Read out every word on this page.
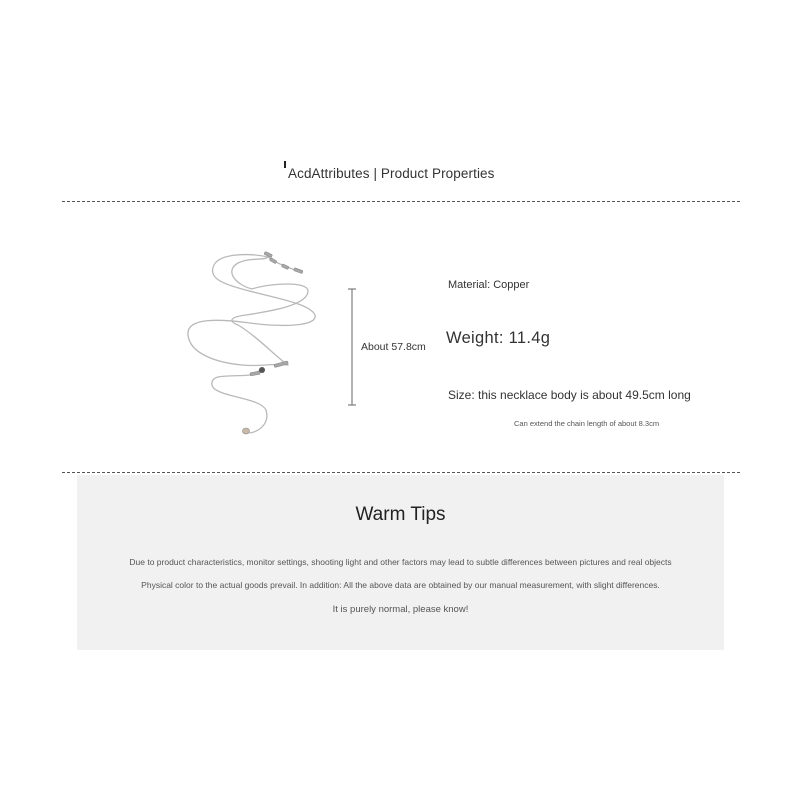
AcdAttributes | Product Properties
About 57.8cm
Material: Copper
Weight: 11.4g
Size: this necklace body is about 49.5cm long
Can extend the chain length of about 8.3cm
Warm Tips
Due to product characteristics, monitor settings, shooting light and other factors may lead to subtle differences between pictures and real objects
Physical color to the actual goods prevail. In addition: All the above data are obtained by our manual measurement, with slight differences.
It is purely normal, please know!
